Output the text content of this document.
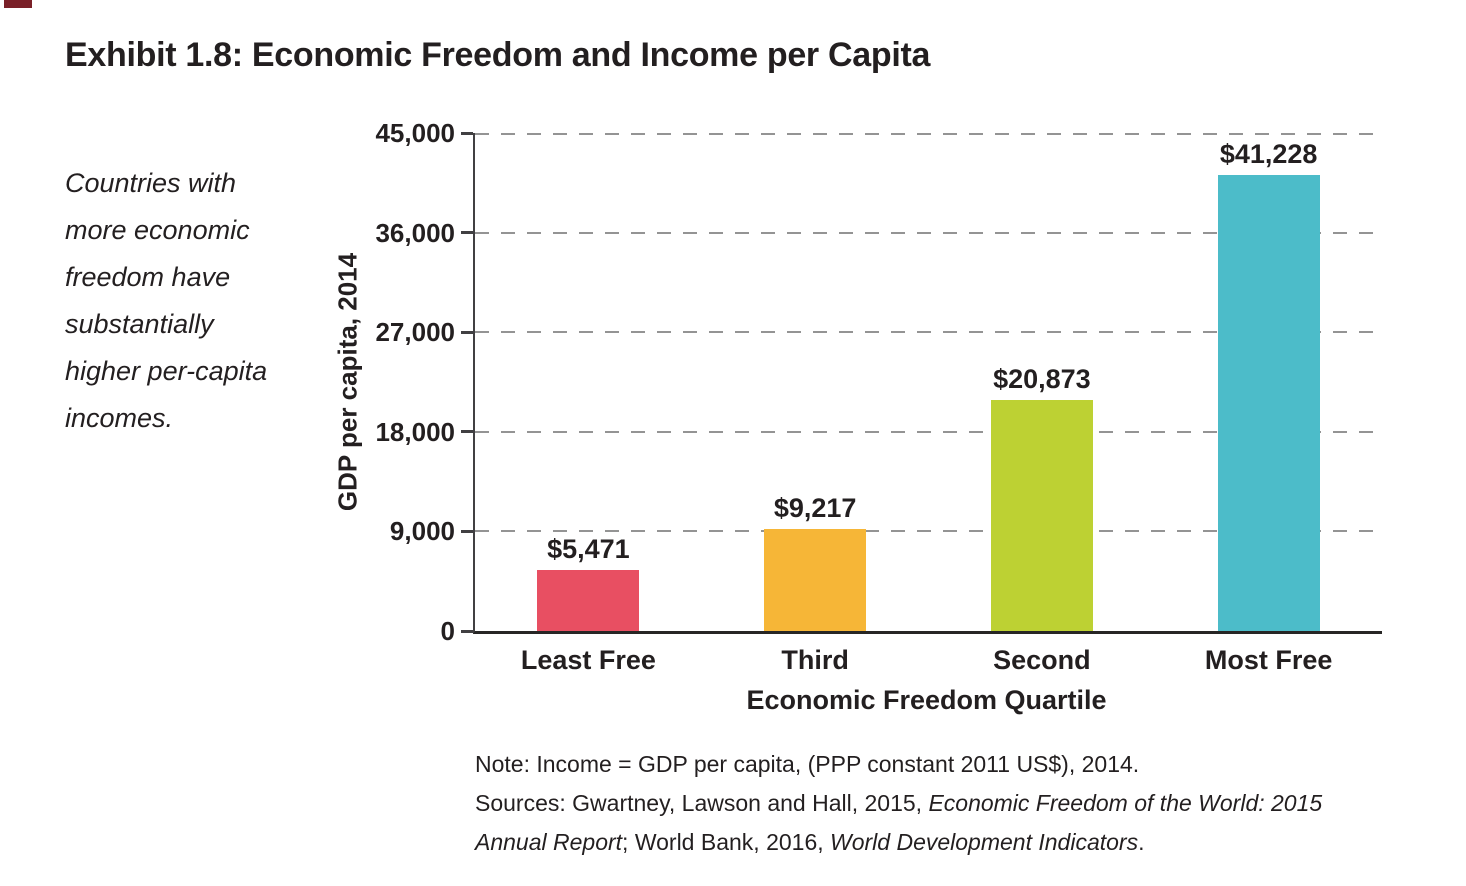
Exhibit 1.8: Economic Freedom and Income per Capita
Countries with
more economic
freedom have
substantially
higher per-capita
incomes.	GDP per capita, 2014
0
9,000
18,000
27,000
36,000
45,000
$5,471
Least Free
$9,217
Third
$20,873
Second
$41,228
Most Free
Economic Freedom Quartile
Note: Income = GDP per capita, (PPP constant 2011 US$), 2014.
Sources: Gwartney, Lawson and Hall, 2015, Economic Freedom of the World: 2015
Annual Report; World Bank, 2016, World Development Indicators.
